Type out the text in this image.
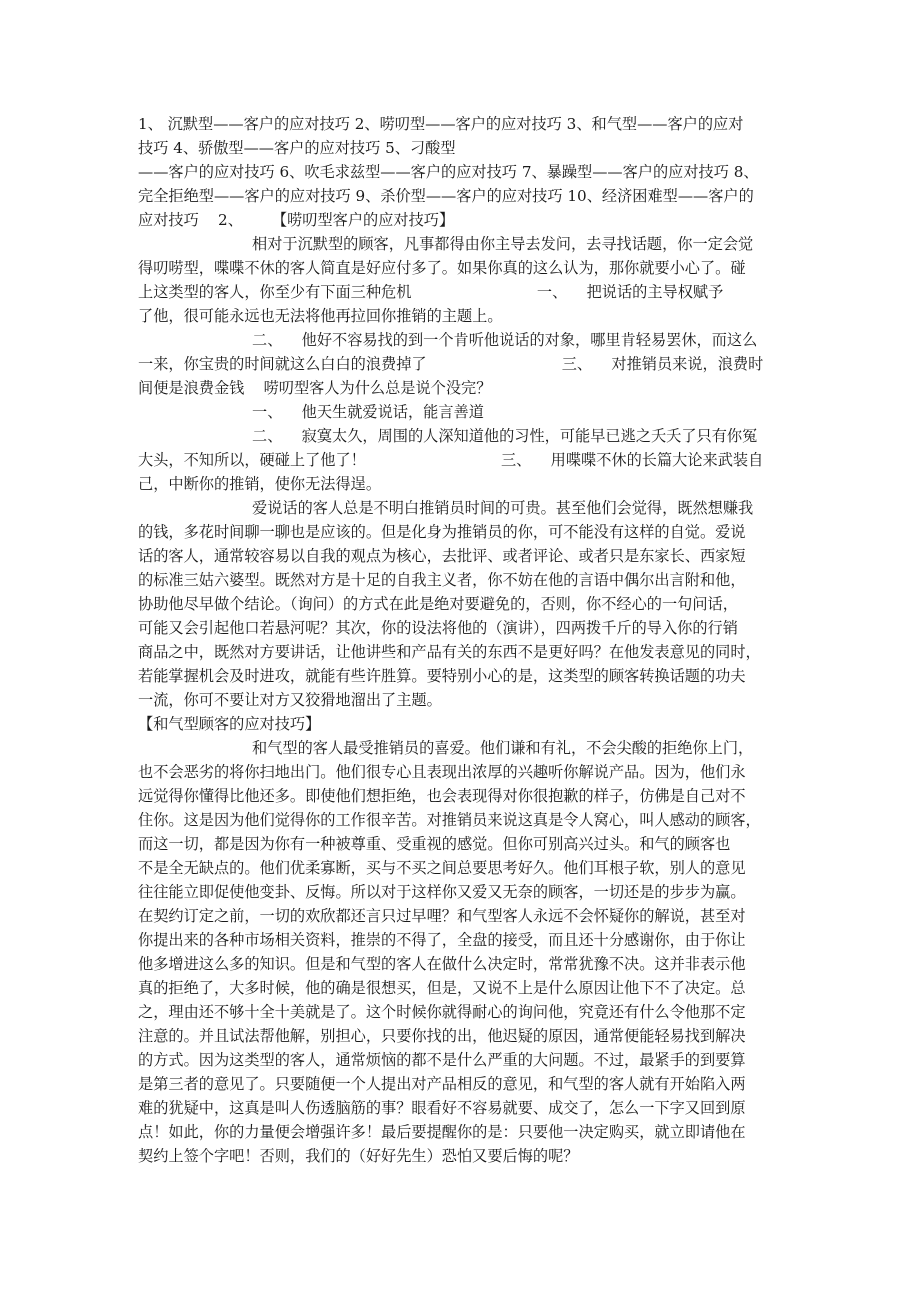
1、 沉默型——客户的应对技巧 2、唠叨型——客户的应对技巧 3、和气型——客户的应对
技巧 4、骄傲型——客户的应对技巧 5、刁酸型
——客户的应对技巧 6、吹毛求兹型——客户的应对技巧 7、暴躁型——客户的应对技巧 8、
完全拒绝型——客户的应对技巧 9、杀价型——客户的应对技巧 10、经济困难型——客户的
应对技巧    2、      【唠叨型客户的应对技巧】
相对于沉默型的顾客，凡事都得由你主导去发问，去寻找话题，你一定会觉
得叨唠型，喋喋不休的客人简直是好应付多了。如果你真的这么认为，那你就要小心了。碰
上这类型的客人，你至少有下面三种危机                          一、    把说话的主导权赋予
了他，很可能永远也无法将他再拉回你推销的主题上。
二、    他好不容易找的到一个肯听他说话的对象，哪里肯轻易罢休，而这么
一来，你宝贵的时间就这么白白的浪费掉了                            三、    对推销员来说，浪费时
间便是浪费金钱    唠叨型客人为什么总是说个没完？
一、    他天生就爱说话，能言善道
二、    寂寞太久，周围的人深知道他的习性，可能早已逃之夭夭了只有你冤
大头，不知所以，硬碰上了他了！                            三、    用喋喋不休的长篇大论来武装自
己，中断你的推销，使你无法得逞。
爱说话的客人总是不明白推销员时间的可贵。甚至他们会觉得，既然想赚我
的钱，多花时间聊一聊也是应该的。但是化身为推销员的你，可不能没有这样的自觉。爱说
话的客人，通常较容易以自我的观点为核心，去批评、或者评论、或者只是东家长、西家短
的标准三姑六婆型。既然对方是十足的自我主义者，你不妨在他的言语中偶尔出言附和他，
协助他尽早做个结论。（询问）的方式在此是绝对要避免的，否则，你不经心的一句问话，
可能又会引起他口若悬河呢？其次，你的设法将他的（演讲），四两拨千斤的导入你的行销
商品之中，既然对方要讲话，让他讲些和产品有关的东西不是更好吗？在他发表意见的同时，
若能掌握机会及时进攻，就能有些许胜算。要特别小心的是，这类型的顾客转换话题的功夫
一流，你可不要让对方又狡猾地溜出了主题。
【和气型顾客的应对技巧】
和气型的客人最受推销员的喜爱。他们谦和有礼，不会尖酸的拒绝你上门，
也不会恶劣的将你扫地出门。他们很专心且表现出浓厚的兴趣听你解说产品。因为，他们永
远觉得你懂得比他还多。即使他们想拒绝，也会表现得对你很抱歉的样子，仿佛是自己对不
住你。这是因为他们觉得你的工作很辛苦。对推销员来说这真是令人窝心，叫人感动的顾客，
而这一切，都是因为你有一种被尊重、受重视的感觉。但你可别高兴过头。和气的顾客也
不是全无缺点的。他们优柔寡断，买与不买之间总要思考好久。他们耳根子软，别人的意见
往往能立即促使他变卦、反悔。所以对于这样你又爱又无奈的顾客，一切还是的步步为赢。
在契约订定之前，一切的欢欣都还言只过早哩？和气型客人永远不会怀疑你的解说，甚至对
你提出来的各种市场相关资料，推崇的不得了，全盘的接受，而且还十分感谢你，由于你让
他多增进这么多的知识。但是和气型的客人在做什么决定时，常常犹豫不决。这并非表示他
真的拒绝了，大多时候，他的确是很想买，但是，又说不上是什么原因让他下不了决定。总
之，理由还不够十全十美就是了。这个时候你就得耐心的询问他，究竟还有什么令他那不定
注意的。并且试法帮他解，别担心，只要你找的出，他迟疑的原因，通常便能轻易找到解决
的方式。因为这类型的客人，通常烦恼的都不是什么严重的大问题。不过，最紧手的到要算
是第三者的意见了。只要随便一个人提出对产品相反的意见，和气型的客人就有开始陷入两
难的犹疑中，这真是叫人伤透脑筋的事？眼看好不容易就要、成交了，怎么一下字又回到原
点！如此，你的力量便会增强许多！最后要提醒你的是：只要他一决定购买，就立即请他在
契约上签个字吧！否则，我们的（好好先生）恐怕又要后悔的呢？
